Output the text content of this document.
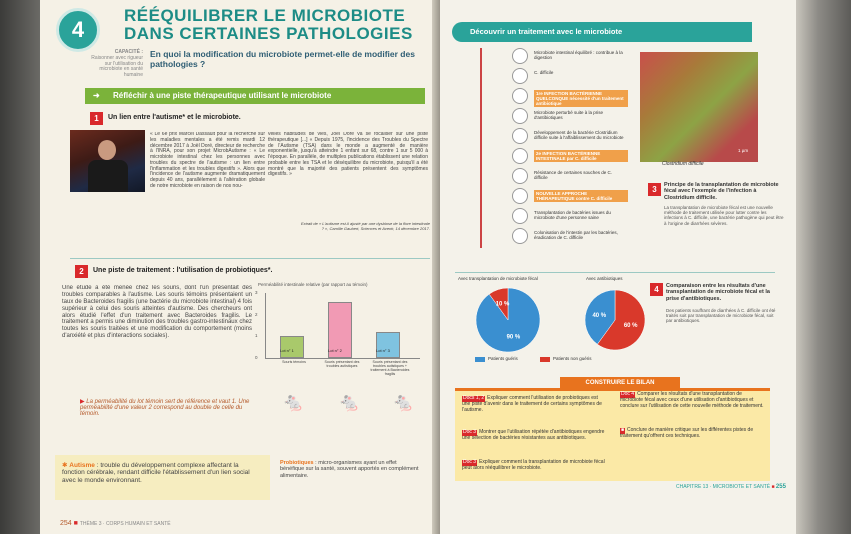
4
RÉÉQUILIBRER LE MICROBIOTE
DANS CERTAINES PATHOLOGIES
CAPACITÉ :
Raisonner avec rigueur sur l'utilisation du microbiote en santé humaine
En quoi la modification du microbiote permet-elle de modifier des pathologies ?
➜ Réfléchir à une piste thérapeutique utilisant le microbiote
1	Un lien entre l'autisme* et le microbiote.
« Le 6e prix Marcel Dassault pour la recherche sur les maladies mentales a été remis mardi 12 décembre 2017 à Joël Doré, directeur de recherche à l'INRA, pour son projet MicrobAutisme : « Le microbiote intestinal chez les personnes avec troubles du spectre de l'autisme : un lien entre l'inflammation et les troubles digestifs ». Alors que l'incidence de l'autisme augmente dramatiquement depuis 40 ans, parallèlement à l'altération globale de notre microbiote en raison de nos nou-
velles habitudes de vies, Joël Doré va se focaliser sur une piste thérapeutique [...] « Depuis 1975, l'incidence des Troubles du Spectre de l'Autisme (TSA) dans le monde a augmenté de manière exponentielle, jusqu'à atteindre 1 enfant sur 68, contre 1 sur 5 000 à l'époque. En parallèle, de multiples publications établissent une relation probable entre les TSA et le déséquilibre du microbiote, puisqu'il a été montré que la majorité des patients présentent des symptômes digestifs. »
Extrait de « L'autisme est-il ajusté par une dysbiose de la flore intestinale ? », Camille Gaubert, Sciences et Avenir, 14 décembre 2017.
2	Une piste de traitement : l'utilisation de probiotiques*.
Une étude a été menée chez les souris, dont l'un présentait des troubles comparables à l'autisme. Les souris témoins présentaient un taux de Bacteroides fragilis (une bactérie du microbiote intestinal) 4 fois supérieur à celui des souris atteintes d'autisme. Des chercheurs ont alors étudié l'effet d'un traitement avec Bacteroides fragilis. Le traitement a permis une diminution des troubles gastro-intestinaux chez toutes les souris traitées et une modification du comportement (moins d'anxiété et plus d'interactions sociales).
Perméabilité intestinale relative (par rapport au témoin)
0
1
2
3
Lot n° 1
Souris témoins
Lot n° 2
Souris présentant des troubles autistiques
Lot n° 3
Souris présentant des troubles autistiques + traitement à Bacteroides fragilis
▶ La perméabilité du lot témoin sert de référence et vaut 1. Une perméabilité d'une valeur 2 correspond au double de celle du témoin.
🐁 🐁 🐁
✱ Autisme : trouble du développement complexe affectant la fonction cérébrale, rendant difficile l'établissement d'un lien social avec le monde environnant.
Probiotiques : micro-organismes ayant un effet bénéfique sur la santé, souvent apportés en complément alimentaire.
254 ■ THÈME 3 · CORPS HUMAIN ET SANTÉ
Découvrir un traitement avec le microbiote
Microbiote intestinal équilibré : contribue à la digestion
C. difficile
1re INFECTION BACTÉRIENNE QUELCONQUE nécessité d'un traitement antibiotique
Microbiote perturbé suite à la prise d'antibiotiques
Développement de la bactérie Clostridium difficile suite à l'affaiblissement du microbiote
2e INFECTION BACTÉRIENNE INTESTINALE par C. difficile
Résistance de certaines souches de C. difficile
NOUVELLE APPROCHE THÉRAPEUTIQUE contre C. difficile
Transplantation de bactéries issues du microbiote d'une personne saine
Colonisation de l'intestin par les bactéries, éradication de C. difficile
Clostridium difficile
1 µm
3	Principe de la transplantation de microbiote fécal avec l'exemple de l'infection à Clostridium difficile.
La transplantation de microbiote fécal est une nouvelle méthode de traitement utilisée pour lutter contre les infections à C. difficile, une bactérie pathogène qui peut être à l'origine de diarrhées sévères.
Avec transplantation de microbiote fécal	Avec antibiotiques
90 %
10 %
60 %
40 %
Patients guéris	Patients non guéris
4	Comparaison entre les résultats d'une transplantation de microbiote fécal et la prise d'antibiotiques.
Des patients souffrant de diarrhées à C. difficile ont été traités soit par transplantation de microbiote fécal, soit par antibiotiques.
CONSTRUIRE LE BILAN
Docs 1, 2 Expliquer comment l'utilisation de probiotiques est une piste d'avenir dans le traitement de certains symptômes de l'autisme.
Doc 3 Montrer que l'utilisation répétée d'antibiotiques engendre une sélection de bactéries résistantes aux antibiotiques.
Doc 3 Expliquer comment la transplantation de microbiote fécal peut alors rééquilibrer le microbiote.
Doc 4 Comparer les résultats d'une transplantation de microbiote fécal avec ceux d'une utilisation d'antibiotiques et conclure sur l'utilisation de cette nouvelle méthode de traitement.
■ Conclure de manière critique sur les différentes pistes de traitement qu'offrent ces techniques.
CHAPITRE 13 · MICROBIOTE ET SANTÉ ■ 255
